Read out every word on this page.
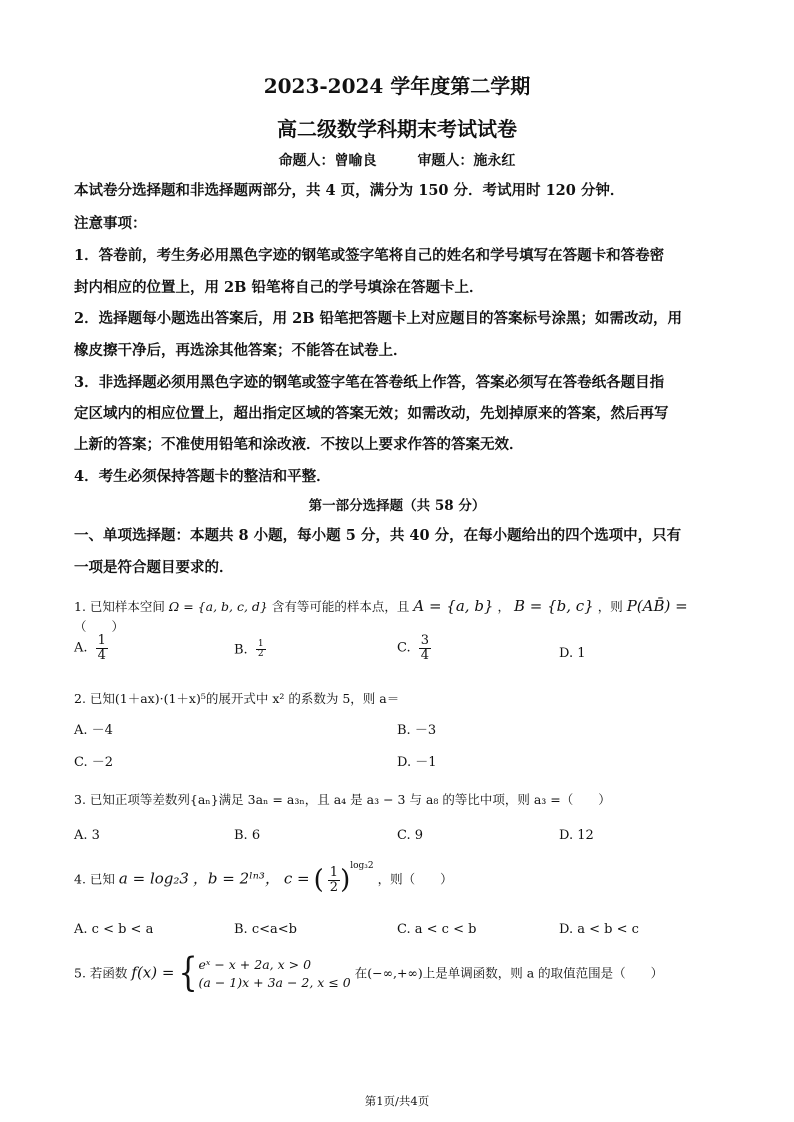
2023-2024 学年度第二学期
高二级数学科期末考试试卷
命题人：曾喻良	审题人：施永红
本试卷分选择题和非选择题两部分，共 4 页，满分为 150 分．考试用时 120 分钟．
注意事项：
1．答卷前，考生务必用黑色字迹的钢笔或签字笔将自己的姓名和学号填写在答题卡和答卷密
封内相应的位置上，用 2B 铅笔将自己的学号填涂在答题卡上．
2．选择题每小题选出答案后，用 2B 铅笔把答题卡上对应题目的答案标号涂黑；如需改动，用
橡皮擦干净后，再选涂其他答案；不能答在试卷上．
3．非选择题必须用黑色字迹的钢笔或签字笔在答卷纸上作答，答案必须写在答卷纸各题目指
定区域内的相应位置上，超出指定区域的答案无效；如需改动，先划掉原来的答案，然后再写
上新的答案；不准使用铅笔和涂改液．不按以上要求作答的答案无效．
4．考生必须保持答题卡的整洁和平整．
第一部分选择题（共 58 分）
一、单项选择题：本题共 8 小题，每小题 5 分，共 40 分，在每小题给出的四个选项中，只有
一项是符合题目要求的．
1. 已知样本空间 Ω = {a, b, c, d} 含有等可能的样本点，且 A = {a, b} ， B = {b, c} ，则 P(AB̄) = （　　）
A. $\frac{1}{4}$	B. $\frac{1}{2}$	C. $\frac{3}{4}$	D. 1
2. 已知(1＋ax)·(1＋x)⁵的展开式中 x² 的系数为 5，则 a＝
A. －4	B. －3
C. －2	D. －1
3. 已知正项等差数列{aₙ}满足 3aₙ = a₃ₙ，且 a₄ 是 a₃ − 3 与 a₈ 的等比中项，则 a₃ =（　　）
A. 3	B. 6	C. 9	D. 12
4. 已知 a = log₂3 ，b = 2ˡⁿ³， c = ( $\frac{1}{2} )^{log_32}$ ，则（　　）
A. c < b < a	B. c<a<b	C. a < c < b	D. a < b < c
5. 若函数 f(x) = { eˣ − x + 2a, x > 0
(a − 1)x + 3a − 2, x ≤ 0
在(−∞,+∞)上是单调函数，则 a 的取值范围是（　　）
第1页/共4页
